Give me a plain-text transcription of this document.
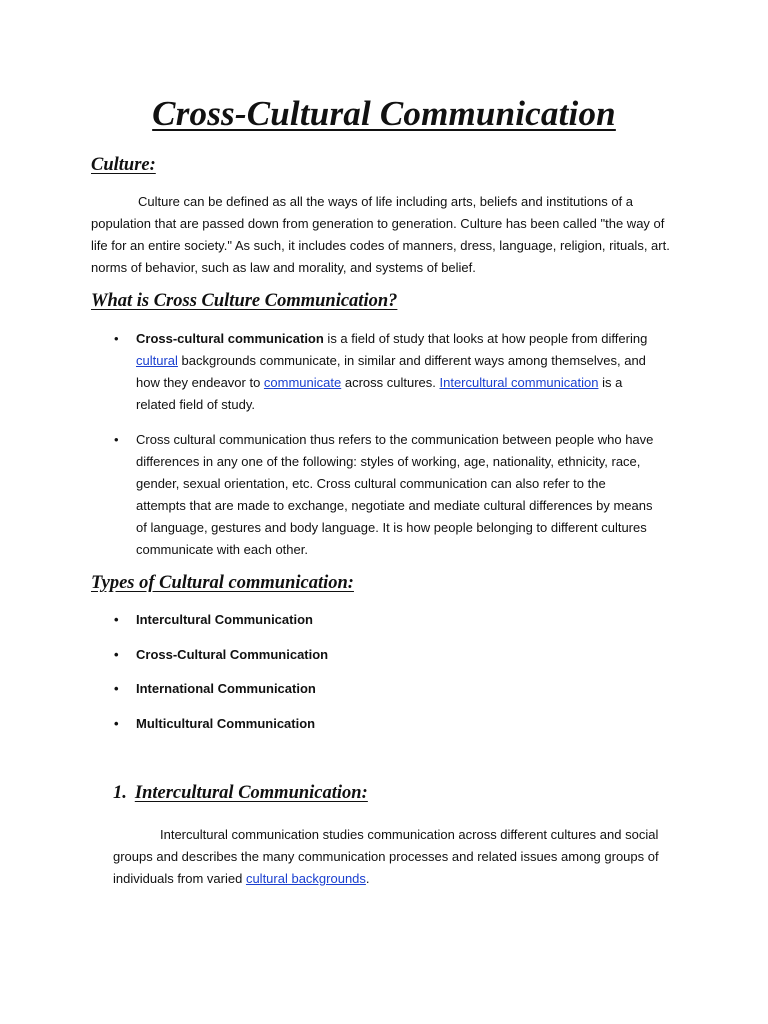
Cross-Cultural Communication
Culture:

Culture can be defined as all the ways of life including arts, beliefs and institutions of a population that are passed down from generation to generation. Culture has been called "the way of life for an entire society." As such, it includes codes of manners, dress, language, religion, rituals, art. norms of behavior, such as law and morality, and systems of belief.

What is Cross Culture Communication?
• Cross-cultural communication is a field of study that looks at how people from differing cultural backgrounds communicate, in similar and different ways among themselves, and how they endeavor to communicate across cultures. Intercultural communication is a related field of study.
• Cross cultural communication thus refers to the communication between people who have differences in any one of the following: styles of working, age, nationality, ethnicity, race, gender, sexual orientation, etc. Cross cultural communication can also refer to the attempts that are made to exchange, negotiate and mediate cultural differences by means of language, gestures and body language. It is how people belonging to different cultures communicate with each other.
Types of Cultural communication:
• Intercultural Communication
• Cross-Cultural Communication
• International Communication
• Multicultural Communication
1. Intercultural Communication:

Intercultural communication studies communication across different cultures and social groups and describes the many communication processes and related issues among groups of individuals from varied cultural backgrounds.
